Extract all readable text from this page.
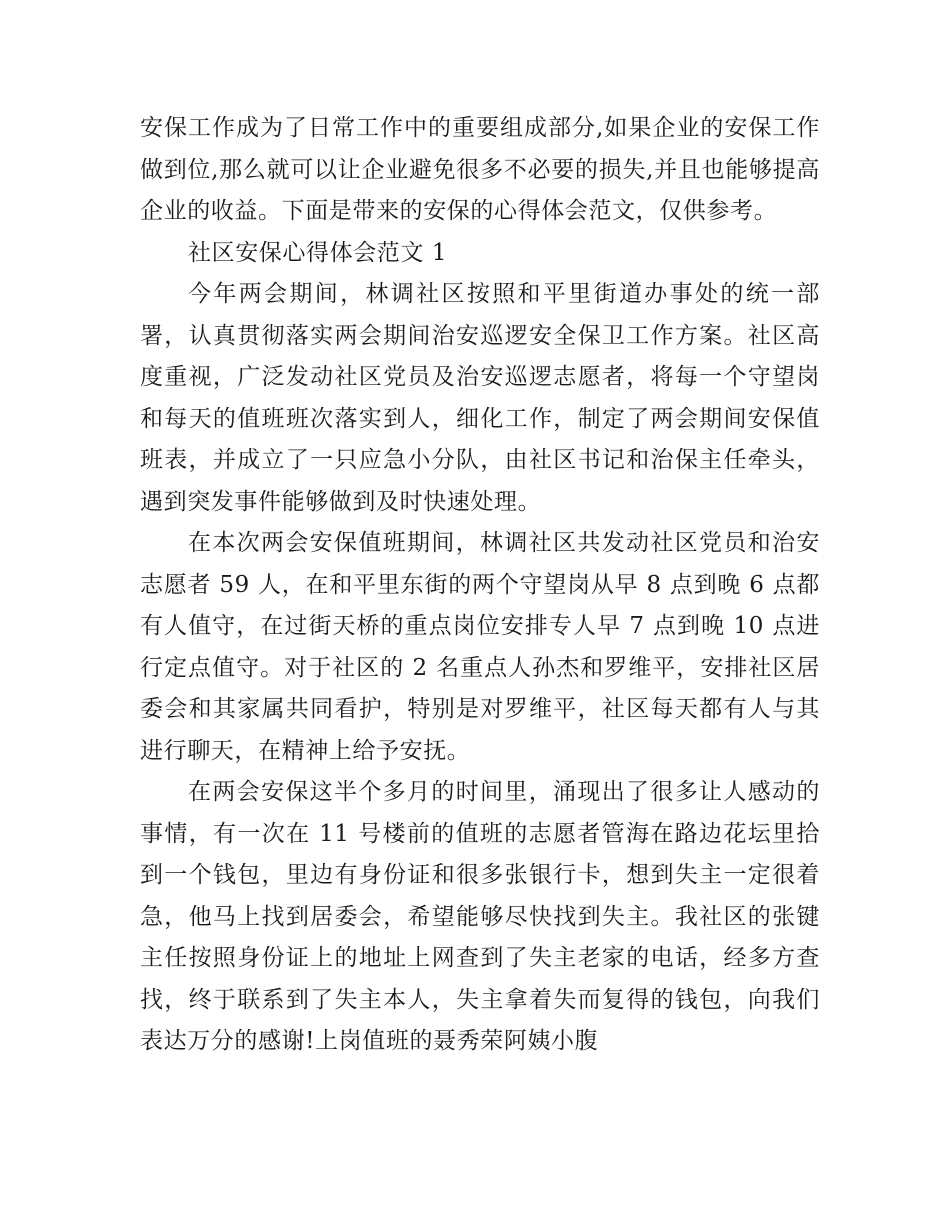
安保工作成为了日常工作中的重要组成部分,如果企业的安保工作做到位,那么就可以让企业避免很多不必要的损失,并且也能够提高企业的收益。下面是带来的安保的心得体会范文，仅供参考。

社区安保心得体会范文 1

今年两会期间，林调社区按照和平里街道办事处的统一部署，认真贯彻落实两会期间治安巡逻安全保卫工作方案。社区高度重视，广泛发动社区党员及治安巡逻志愿者，将每一个守望岗和每天的值班班次落实到人，细化工作，制定了两会期间安保值班表，并成立了一只应急小分队，由社区书记和治保主任牵头，遇到突发事件能够做到及时快速处理。

在本次两会安保值班期间，林调社区共发动社区党员和治安志愿者 59 人，在和平里东街的两个守望岗从早 8 点到晚 6 点都有人值守，在过街天桥的重点岗位安排专人早 7 点到晚 10 点进行定点值守。对于社区的 2 名重点人孙杰和罗维平，安排社区居委会和其家属共同看护，特别是对罗维平，社区每天都有人与其进行聊天，在精神上给予安抚。

在两会安保这半个多月的时间里，涌现出了很多让人感动的事情，有一次在 11 号楼前的值班的志愿者管海在路边花坛里拾到一个钱包，里边有身份证和很多张银行卡，想到失主一定很着急，他马上找到居委会，希望能够尽快找到失主。我社区的张键主任按照身份证上的地址上网查到了失主老家的电话，经多方查找，终于联系到了失主本人，失主拿着失而复得的钱包，向我们表达万分的感谢!上岗值班的聂秀荣阿姨小腹
